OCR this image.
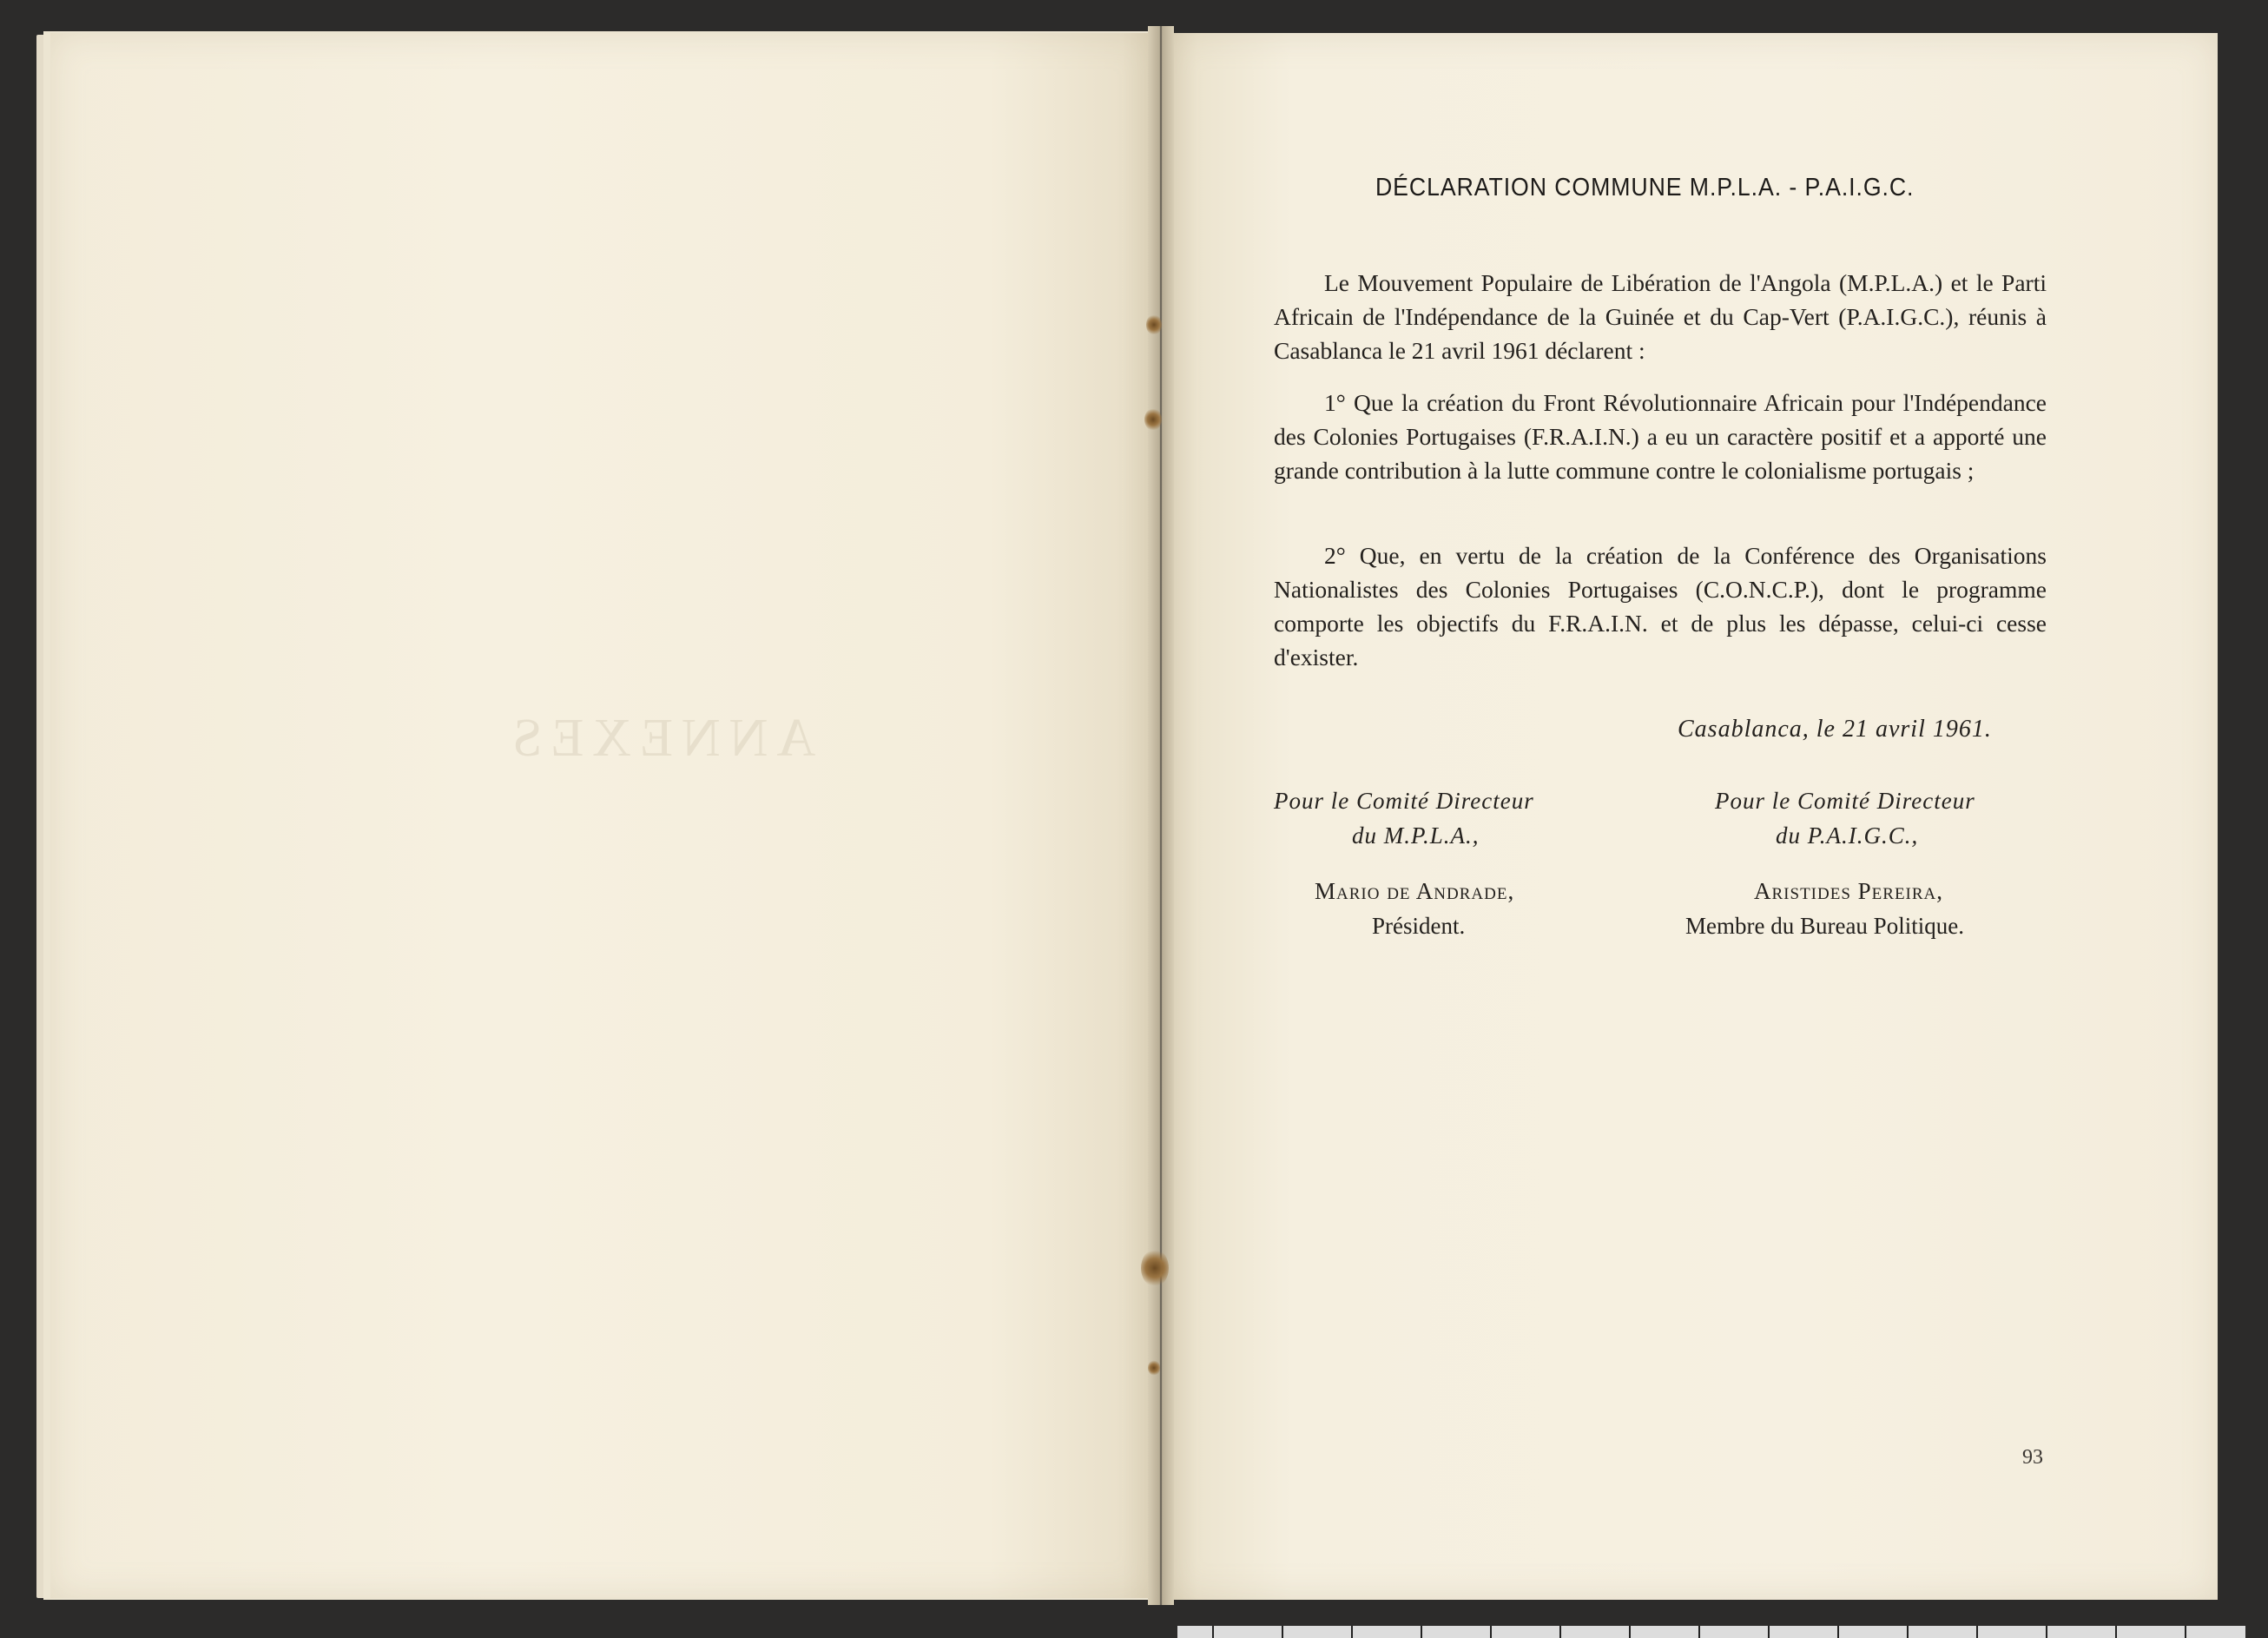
ANNEXES
DÉCLARATION COMMUNE M.P.L.A. - P.A.I.G.C.
Le Mouvement Populaire de Libération de l'Angola (M.P.L.A.) et le Parti Africain de l'Indépendance de la Guinée et du Cap-Vert (P.A.I.G.C.), réunis à Casablanca le 21 avril 1961 déclarent :
1° Que la création du Front Révolutionnaire Africain pour l'Indépendance des Colonies Portugaises (F.R.A.I.N.) a eu un caractère positif et a apporté une grande contribution à la lutte commune contre le colonialisme portugais ;
2° Que, en vertu de la création de la Conférence des Organisations Nationalistes des Colonies Portugaises (C.O.N.C.P.), dont le programme comporte les objectifs du F.R.A.I.N. et de plus les dépasse, celui-ci cesse d'exister.
Casablanca, le 21 avril 1961.
Pour le Comité Directeur
du M.P.L.A.,
Mario de Andrade,
Président.
Pour le Comité Directeur
du P.A.I.G.C.,
Aristides Pereira,
Membre du Bureau Politique.
93
